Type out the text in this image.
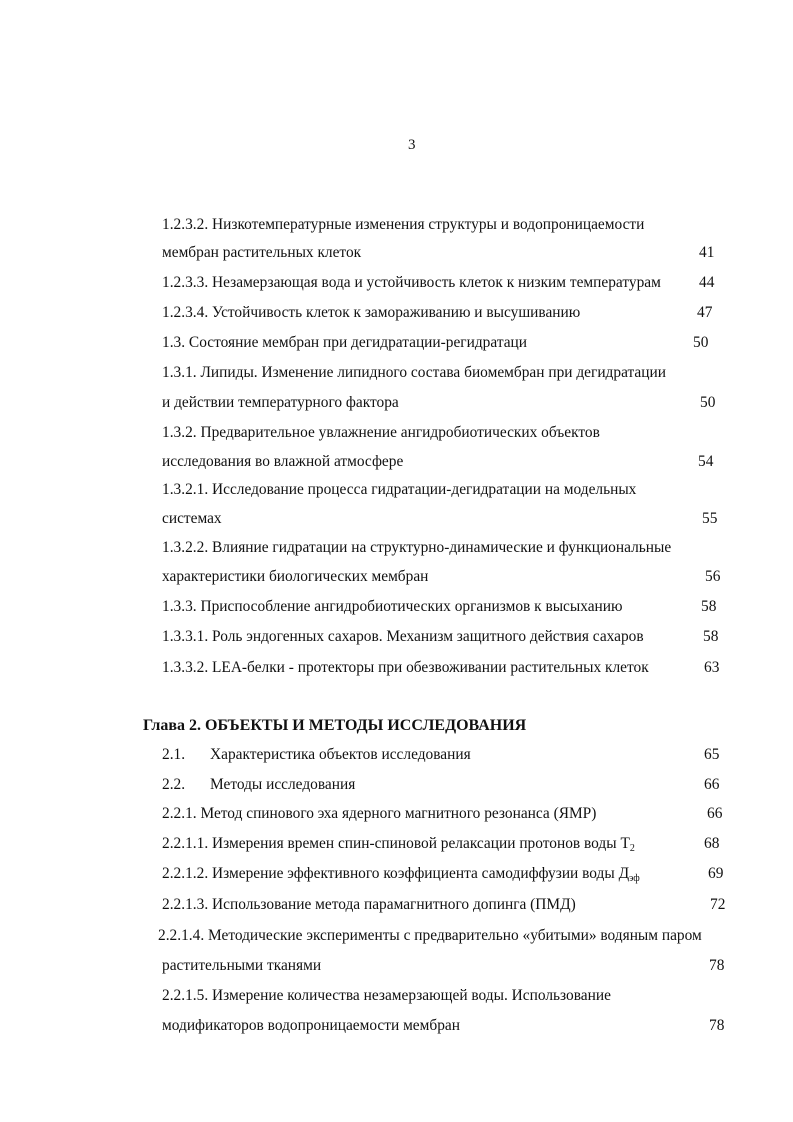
3
1.2.3.2. Низкотемпературные изменения структуры и водопроницаемости
мембран растительных клеток	41
1.2.3.3. Незамерзающая вода и устойчивость клеток к низким температурам 44
1.2.3.4. Устойчивость клеток к замораживанию и высушиванию	47
1.3. Состояние мембран при дегидратации-регидратаци	50
1.3.1. Липиды. Изменение липидного состава биомембран при дегидратации
и действии температурного фактора	50
1.3.2. Предварительное увлажнение ангидробиотических объектов
исследования во влажной атмосфере	54
1.3.2.1. Исследование процесса гидратации-дегидратации на модельных
системах	55
1.3.2.2. Влияние гидратации на структурно-динамические и функциональные
характеристики биологических мембран	56
1.3.3. Приспособление ангидробиотических организмов к высыханию	58
1.3.3.1. Роль эндогенных сахаров. Механизм защитного действия сахаров	58
1.3.3.2. LEA-белки - протекторы при обезвоживании растительных клеток	63
Глава 2. ОБЪЕКТЫ И МЕТОДЫ ИССЛЕДОВАНИЯ
2.1. Характеристика объектов исследования	65
2.2. Методы исследования	66
2.2.1. Метод спинового эха ядерного магнитного резонанса (ЯМР)	66
2.2.1.1. Измерения времен спин-спиновой релаксации протонов воды $Т_2$	68
2.2.1.2. Измерение эффективного коэффициента самодиффузии воды $Д_{эф}$	69
2.2.1.3. Использование метода парамагнитного допинга (ПМД)	72
2.2.1.4. Методические эксперименты с предварительно «убитыми» водяным паром
растительными тканями	78
2.2.1.5. Измерение количества незамерзающей воды. Использование
модификаторов водопроницаемости мембран	78
